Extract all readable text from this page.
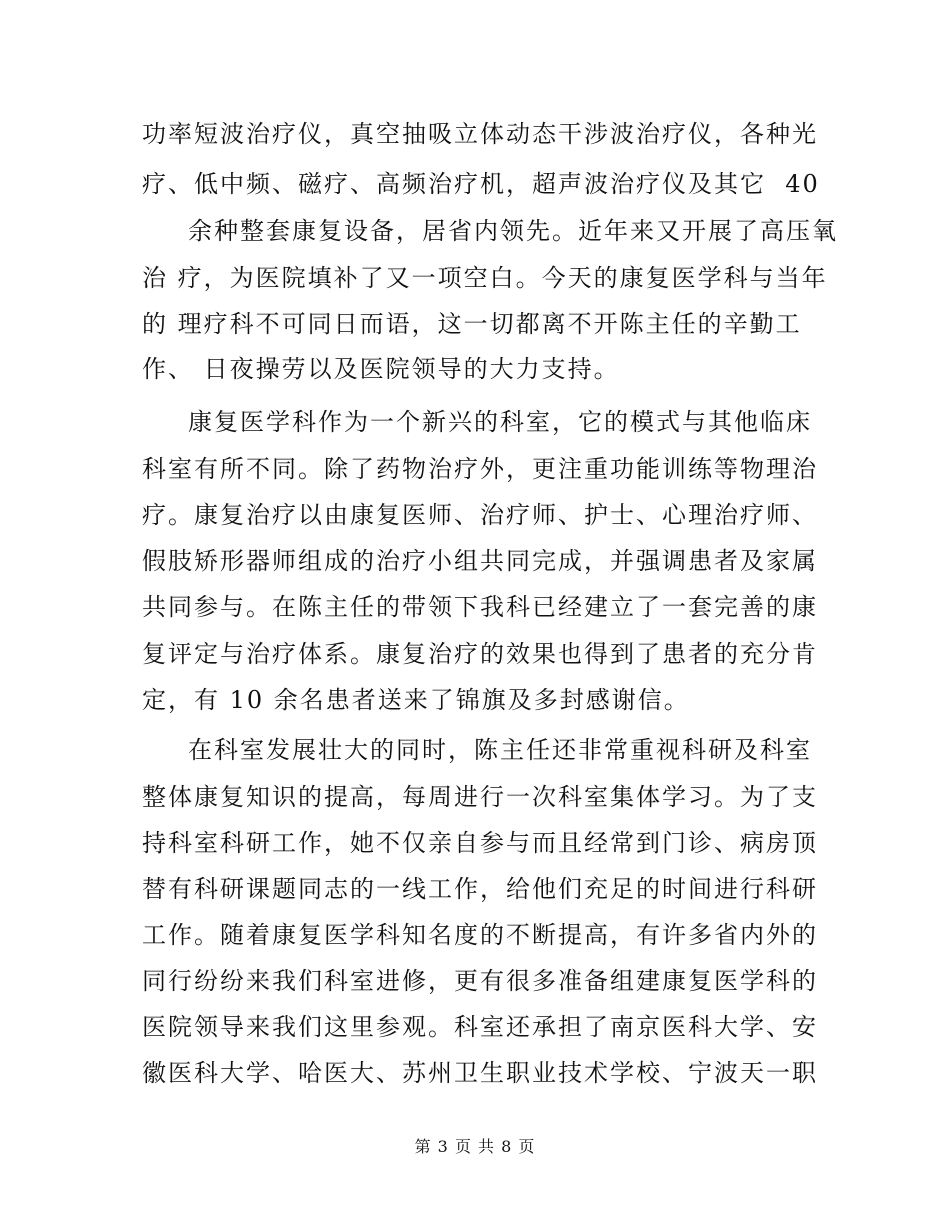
功率短波治疗仪，真空抽吸立体动态干涉波治疗仪，各种光
疗、低中频、磁疗、高频治疗机，超声波治疗仪及其它  40
余种整套康复设备，居省内领先。近年来又开展了高压氧
治 疗，为医院填补了又一项空白。今天的康复医学科与当年
的 理疗科不可同日而语，这一切都离不开陈主任的辛勤工
作、 日夜操劳以及医院领导的大力支持。
康复医学科作为一个新兴的科室，它的模式与其他临床
科室有所不同。除了药物治疗外，更注重功能训练等物理治
疗。康复治疗以由康复医师、治疗师、护士、心理治疗师、
假肢矫形器师组成的治疗小组共同完成，并强调患者及家属
共同参与。在陈主任的带领下我科已经建立了一套完善的康
复评定与治疗体系。康复治疗的效果也得到了患者的充分肯
定，有 10 余名患者送来了锦旗及多封感谢信。
在科室发展壮大的同时，陈主任还非常重视科研及科室
整体康复知识的提高，每周进行一次科室集体学习。为了支
持科室科研工作，她不仅亲自参与而且经常到门诊、病房顶
替有科研课题同志的一线工作，给他们充足的时间进行科研
工作。随着康复医学科知名度的不断提高，有许多省内外的
同行纷纷来我们科室进修，更有很多准备组建康复医学科的
医院领导来我们这里参观。科室还承担了南京医科大学、安
徽医科大学、哈医大、苏州卫生职业技术学校、宁波天一职
第 3 页 共 8 页
